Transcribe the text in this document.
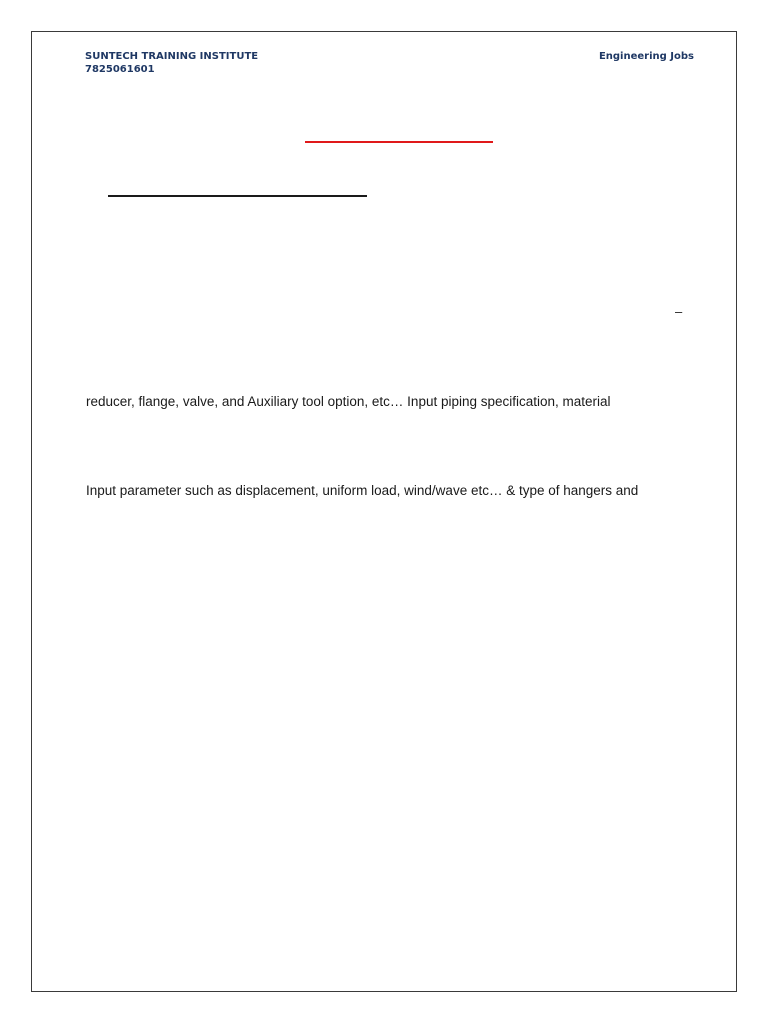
SUNTECH TRAINING INSTITUTE
7825061601
Engineering Jobs
–
reducer, flange, valve, and Auxiliary tool option, etc… Input piping specification, material
Input parameter such as displacement, uniform load, wind/wave etc… & type of hangers and
